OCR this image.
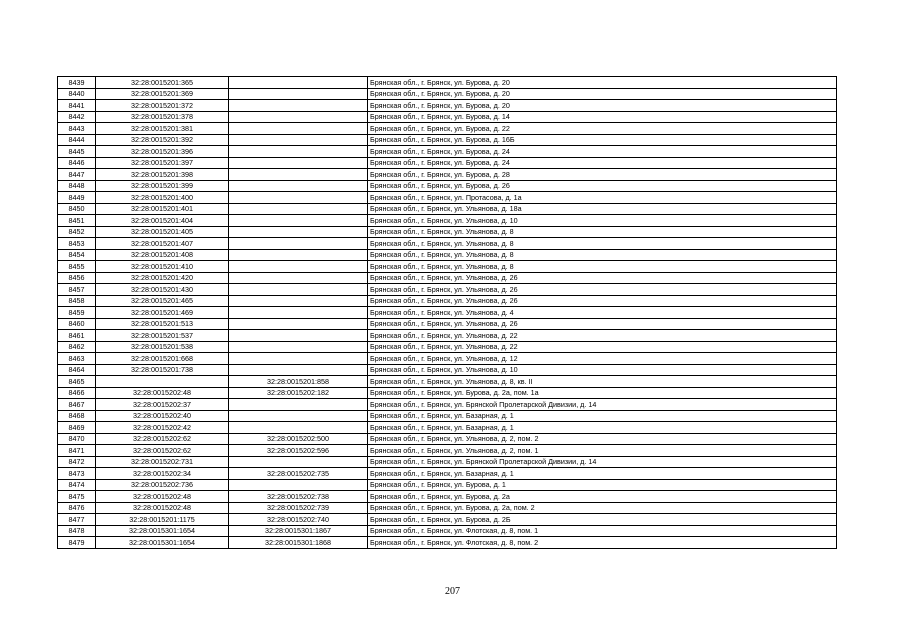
8439	32:28:0015201:365		Брянская обл., г. Брянск, ул. Бурова, д. 20
8440	32:28:0015201:369		Брянская обл., г. Брянск, ул. Бурова, д. 20
8441	32:28:0015201:372		Брянская обл., г. Брянск, ул. Бурова, д. 20
8442	32:28:0015201:378		Брянская обл., г. Брянск, ул. Бурова, д. 14
8443	32:28:0015201:381		Брянская обл., г. Брянск, ул. Бурова, д. 22
8444	32:28:0015201:392		Брянская обл., г. Брянск, ул. Бурова, д. 16Б
8445	32:28:0015201:396		Брянская обл., г. Брянск, ул. Бурова, д. 24
8446	32:28:0015201:397		Брянская обл., г. Брянск, ул. Бурова, д. 24
8447	32:28:0015201:398		Брянская обл., г. Брянск, ул. Бурова, д. 28
8448	32:28:0015201:399		Брянская обл., г. Брянск, ул. Бурова, д. 26
8449	32:28:0015201:400		Брянская обл., г. Брянск, ул. Протасова, д. 1а
8450	32:28:0015201:401		Брянская обл., г. Брянск, ул. Ульянова, д. 18а
8451	32:28:0015201:404		Брянская обл., г. Брянск, ул. Ульянова, д. 10
8452	32:28:0015201:405		Брянская обл., г. Брянск, ул. Ульянова, д. 8
8453	32:28:0015201:407		Брянская обл., г. Брянск, ул. Ульянова, д. 8
8454	32:28:0015201:408		Брянская обл., г. Брянск, ул. Ульянова, д. 8
8455	32:28:0015201:410		Брянская обл., г. Брянск, ул. Ульянова, д. 8
8456	32:28:0015201:420		Брянская обл., г. Брянск, ул. Ульянова, д. 26
8457	32:28:0015201:430		Брянская обл., г. Брянск, ул. Ульянова, д. 26
8458	32:28:0015201:465		Брянская обл., г. Брянск, ул. Ульянова, д. 26
8459	32:28:0015201:469		Брянская обл., г. Брянск, ул. Ульянова, д. 4
8460	32:28:0015201:513		Брянская обл., г. Брянск, ул. Ульянова, д. 26
8461	32:28:0015201:537		Брянская обл., г. Брянск, ул. Ульянова, д. 22
8462	32:28:0015201:538		Брянская обл., г. Брянск, ул. Ульянова, д. 22
8463	32:28:0015201:668		Брянская обл., г. Брянск, ул. Ульянова, д. 12
8464	32:28:0015201:738		Брянская обл., г. Брянск, ул. Ульянова, д. 10
8465		32:28:0015201:858	Брянская обл., г. Брянск, ул. Ульянова, д. 8, кв. II
8466	32:28:0015202:48	32:28:0015202:182	Брянская обл., г. Брянск, ул. Бурова, д. 2а, пом. 1а
8467	32:28:0015202:37		Брянская обл., г. Брянск, ул. Брянской Пролетарской Дивизии, д. 14
8468	32:28:0015202:40		Брянская обл., г. Брянск, ул. Базарная, д. 1
8469	32:28:0015202:42		Брянская обл., г. Брянск, ул. Базарная, д. 1
8470	32:28:0015202:62	32:28:0015202:500	Брянская обл., г. Брянск, ул. Ульянова, д. 2, пом. 2
8471	32:28:0015202:62	32:28:0015202:596	Брянская обл., г. Брянск, ул. Ульянова, д. 2, пом. 1
8472	32:28:0015202:731		Брянская обл., г. Брянск, ул. Брянской Пролетарской Дивизии, д. 14
8473	32:28:0015202:34	32:28:0015202:735	Брянская обл., г. Брянск, ул. Базарная, д. 1
8474	32:28:0015202:736		Брянская обл., г. Брянск, ул. Бурова, д. 1
8475	32:28:0015202:48	32:28:0015202:738	Брянская обл., г. Брянск, ул. Бурова, д. 2а
8476	32:28:0015202:48	32:28:0015202:739	Брянская обл., г. Брянск, ул. Бурова, д. 2а, пом. 2
8477	32:28:0015201:1175	32:28:0015202:740	Брянская обл., г. Брянск, ул. Бурова, д. 2Б
8478	32:28:0015301:1654	32:28:0015301:1867	Брянская обл., г. Брянск, ул. Флотская, д. 8, пом. 1
8479	32:28:0015301:1654	32:28:0015301:1868	Брянская обл., г. Брянск, ул. Флотская, д. 8, пом. 2
207
